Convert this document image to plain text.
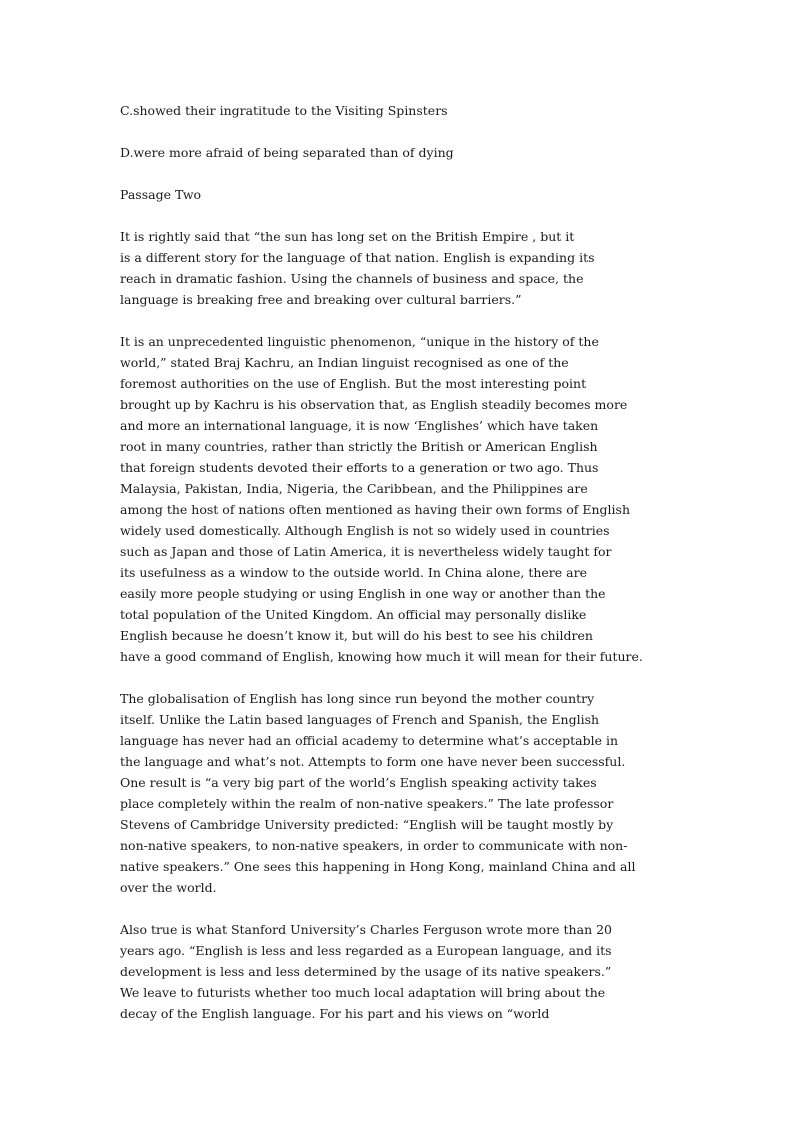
C.showed their ingratitude to the Visiting Spinsters

D.were more afraid of being separated than of dying

Passage Two

It is rightly said that “the sun has long set on the British Empire , but it
is a different story for the language of that nation. English is expanding its
reach in dramatic fashion. Using the channels of business and space, the
language is breaking free and breaking over cultural barriers.”

It is an unprecedented linguistic phenomenon, “unique in the history of the
world,” stated Braj Kachru, an Indian linguist recognised as one of the
foremost authorities on the use of English. But the most interesting point
brought up by Kachru is his observation that, as English steadily becomes more
and more an international language, it is now ‘Englishes’ which have taken
root in many countries, rather than strictly the British or American English
that foreign students devoted their efforts to a generation or two ago. Thus
Malaysia, Pakistan, India, Nigeria, the Caribbean, and the Philippines are
among the host of nations often mentioned as having their own forms of English
widely used domestically. Although English is not so widely used in countries
such as Japan and those of Latin America, it is nevertheless widely taught for
its usefulness as a window to the outside world. In China alone, there are
easily more people studying or using English in one way or another than the
total population of the United Kingdom. An official may personally dislike
English because he doesn’t know it, but will do his best to see his children
have a good command of English, knowing how much it will mean for their future.

The globalisation of English has long since run beyond the mother country
itself. Unlike the Latin based languages of French and Spanish, the English
language has never had an official academy to determine what’s acceptable in
the language and what’s not. Attempts to form one have never been successful.
One result is “a very big part of the world’s English speaking activity takes
place completely within the realm of non-native speakers.” The late professor
Stevens of Cambridge University predicted: “English will be taught mostly by
non-native speakers, to non-native speakers, in order to communicate with non-
native speakers.” One sees this happening in Hong Kong, mainland China and all
over the world.

Also true is what Stanford University’s Charles Ferguson wrote more than 20
years ago. “English is less and less regarded as a European language, and its
development is less and less determined by the usage of its native speakers.”
We leave to futurists whether too much local adaptation will bring about the
decay of the English language. For his part and his views on “world
